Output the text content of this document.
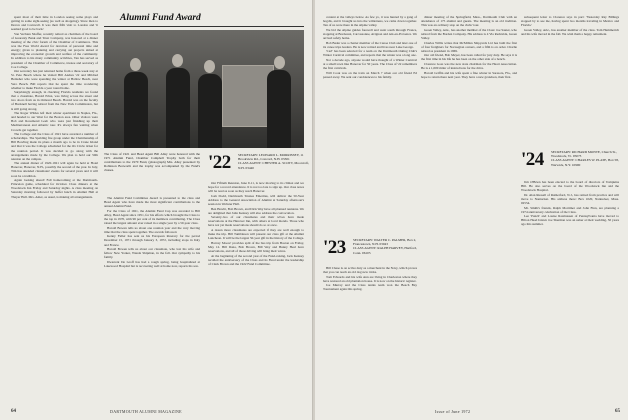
spent most of their time in London seeing some plays and getting in some sight-seeing (as well as shopping). Since then to Devon and Cornwall. It was their fifth visit to London and 'it seemed good to be back.'

Van Vechten Shaffer, recently retired as chairman of the board of Guaranty Bank and Trust Company, was honored at a dinner meeting of the civic forum of the Chamber of Commerce. This was the Free World Award for devotion of personal time and energy; given to planning and carrying out projects aimed at improving the economic growth and welfare of the community. In addition to his many community activities, Van has served as president of the Chamber of Commerce, trustee and secretary of Coe College.

Our secretary has just returned home from a three-week stay at St. Pete Beach where he visited Bill Andres '22 and Mildred Heinsher who were spending the winter at Hallow Beach, near Vero Beach. Bill reports that he spent the time wondering whether to make Florida a year round home.

Surprisingly enough, in checking Florida residents we found that a classmate, Harold Prinz, was living across the street and two doors from us in Ormond Beach. Harold was on the faculty of Bucknell having retired from the New York Commission, but is still going strong.

The Roger Wildes left their winter apartment in Naples, Fla., and headed to our West for the Boston area. Other visitors were Bob and Rosamond Leeb who were just finishing up their Mediterranean and Atlantic tour. It's always fun waiting when Crowds get together.

The College and the Class of 1921 have awarded a number of scholarships. The Spalding fire group under the Chairmanship of Bill Bowling made its plans a month ago to be in Crane Island and that it was the College scheduled for the Ox Circle ticket for the reunion period. It was decided to go along with the arrangements made by the College. We plan to hold our 50th reunion on the campus.

The annual dinner of 1920-1921 will again be held at Hotel Hanover, Hanover, N.H., possibly the second of the year. In July, Tim has attended classmates' events for several years and it will soon be a tradition.

Again looking ahead! Fall homecoming at the Dartmouth-Princeton game, scheduled for October. Class dinners at the Woodstock Inn Friday and Saturday nights. A class meeting on Saturday morning followed by buffet lunch in Alumni Hall at Thayer Hall. Mrs. Amer, as usual, is making all arrangements.

Alumni Fund Award
The Class of 1921 and Head Agent Bill Alley were honored with the 1971 Alumni Fund, Chamber Campbell Trophy both for their contributions to the 1970 Fund, (photograph) Mrs. Alley presented by Robinson Bosworth and the trophy was accompanied by the Fund's classes.

The Alumni Fund Committee Award is presented to the class and Head Agent who have made the most significant contributions to the annual Alumni Fund.

For the Class of 1921, the Alumni Fund Cup was awarded to Bill Alley, Head Agent since 1951, for his efforts which brought the Class to the top in 1970, with 96 per cent of its members contributing. The Class raised the largest amount ever raised in a single year by a 50-year class.

Harold Bowen tells us about one reunion year and the very moving time that the class spent together. The awards followed.

Kenny Fuller has sent us his European itinerary for the period December 15, 1971 through January 3, 1972, including stops in Italy and France.

Harold Bowen tells us about our classmate, who lost his wife and fellow New Yorker, Wanda Shipman, in the fall. Our sympathy to his family.

Dwarrent De Groff has had a rough spring, being hospitalized at Lakewood Hospital but is recovering well at home now, reports his son.

'22	SECRETARY: LEONARD L. MORRISSEY, 11 Brookview Rd., Concord, N.H. 03301
CLASS AGENT: CHESTER A. SCOTT, Moorcroft, N.H. 03440

Our Fiftieth Reunion, June 9-11, is now moving to its climax and we hope for a record attendance. It is not too late to sign up. Our class notes will be read as soon as they reach Hanover.

Josh Dodd, Dartmouth Trustee Emeritus, will deliver the 50-Year Address to the General Association of Alumni at Saturday afternoon's session in Webster Hall.

Ben Hewitt, Bob Brown, and Dick Wey have all planned reunions. We are delighted that John Kenney will also address the convocation.

Seventy-two of our classmates and their wives have made reservations at the Hanover Inn, with others at local motels. Those who have not yet made reservations should do so at once.

A dozen more classmates are expected if they are well enough to make the trip. Bill Tumbleson will present our class gift at the Alumni Luncheon. It will be the largest 50-year gift in the history of the College.

Harvey Moore' provides split of the bus trip from Boston on Friday, May 12. Bill Dana, Bob Brown, Bill Wey and Bunny Heal have reservations, and all of those driving will bring their wives.

At the beginning of the second year of the Fund-raising, Jack Kenney recalled the anniversary of the Class and its Fund under the leadership of Clark Brown and the 1922 Fund Committee.

64	DARTMOUTH ALUMNI MAGAZINE

content at the valleys below. As few yo, it was hunted by a gang of hogdis, and it brought us into the wilderness, we came down together. Ten of us were there in the Alpine valley.

We bid the Alpine guides farewell and went south through France, stopping at Bordeaux, Carcassonne, Avignon and Aix-en-Provence. We arrived safely home.

Bob Bader was a charter member of the Canoe Club and later one of its canoe trips leaders. He is now retired and lives near Lake George.

'Carl' has been selected for a team on the Dartmouth Outing Club's Winter Carnival committee, and reports that the winter was a long one.

Not a decade ago, anyone would have thought of a Winter Carnival at a small town like Hanover for 50 years. The Class of '22 remembers the first carnivals.

Will Cook was on the train on March 7 when our old friend Ed passed away. We sent our condolences to his family.

'23	SECRETARY: WALTER C. PALMER, Box 2, Francestown, N.H. 03043
CLASS AGENT: RALPH HARVEY, Hartford, Conn. 06105

Bill Chase is on active duty as a merchant in the Navy, which proves that you can teach an old dog new tricks.

Tom Edwards and his wife Ann are living in Charleston where they have restored an old plantation house. It is now on the historic register.

Joe Murray and the Class tennis team won the Beach Bay Tournament again this spring.

dinner meeting of the Springfield, Mass., Dartmouth Club with an attendance of 175 alumni and guests. The meeting is an old tradition. This was an ordinary stop on the clubs' tour.

Green Valley, Ariz., has another member of the Class: Joe Sauter, who retired from the Borden Company. His address is 4 Via Reduvida, Green Valley.

Charles Willis writes that McMillan Shipyards Ltd has built the first of four freighters for Norwegian owners, and a fifth is on order. Charlie retired as president in 1969.

Our old friend, Bob Meyer, has been called for jury duty. He says it is the first time in his life he has been on the other side of a bench.

Clarence Goss was the new state chairman for the Heart Association. He is a 1,000 miler of instructions for the drive.

Harold Griffin and his wife spent a fine winter in Sarasota, Fla., and hope to return there next year. They have a new grandson, their first.

subsequent letter to Clarence says in part: 'Yesterday Ray Billings stopped by to see me, having spent two months traveling in Mexico and Florida.'

Green Valley, Ariz., has another member of the class. Tom Hemmerich and his wife moved in the fall. We wish them a happy retirement.

'24	SECRETARY: RICHARD MONTE, Church St., Woodstock, Vt. 05073
CLASS AGENT: CHARLES W. PLATE, Box 58, Warwick, N.Y. 10990

Jim O'Brien has been elected to the board of directors of Tompkins Hill. He also serves on the board of the Woodstock Inn and the Woodstock Hospital.

Dr. Alan Russell of Rutherford, N.J., has retired from practice and will move to Nantucket. His address there: Box 1020, Nantucket, Mass. 02554.

Mr. Smith's friends, Ralph Mortimer and John Finn, are planning a 1974 anniversary celebration of the Class.

Lee 'Punch' and Louise Rasmussen of Pennsylvania have moved to Hilton Head Island. Joe Sherman was an usher at their wedding, 50 years ago this summer.

Issue of June 1972	65
